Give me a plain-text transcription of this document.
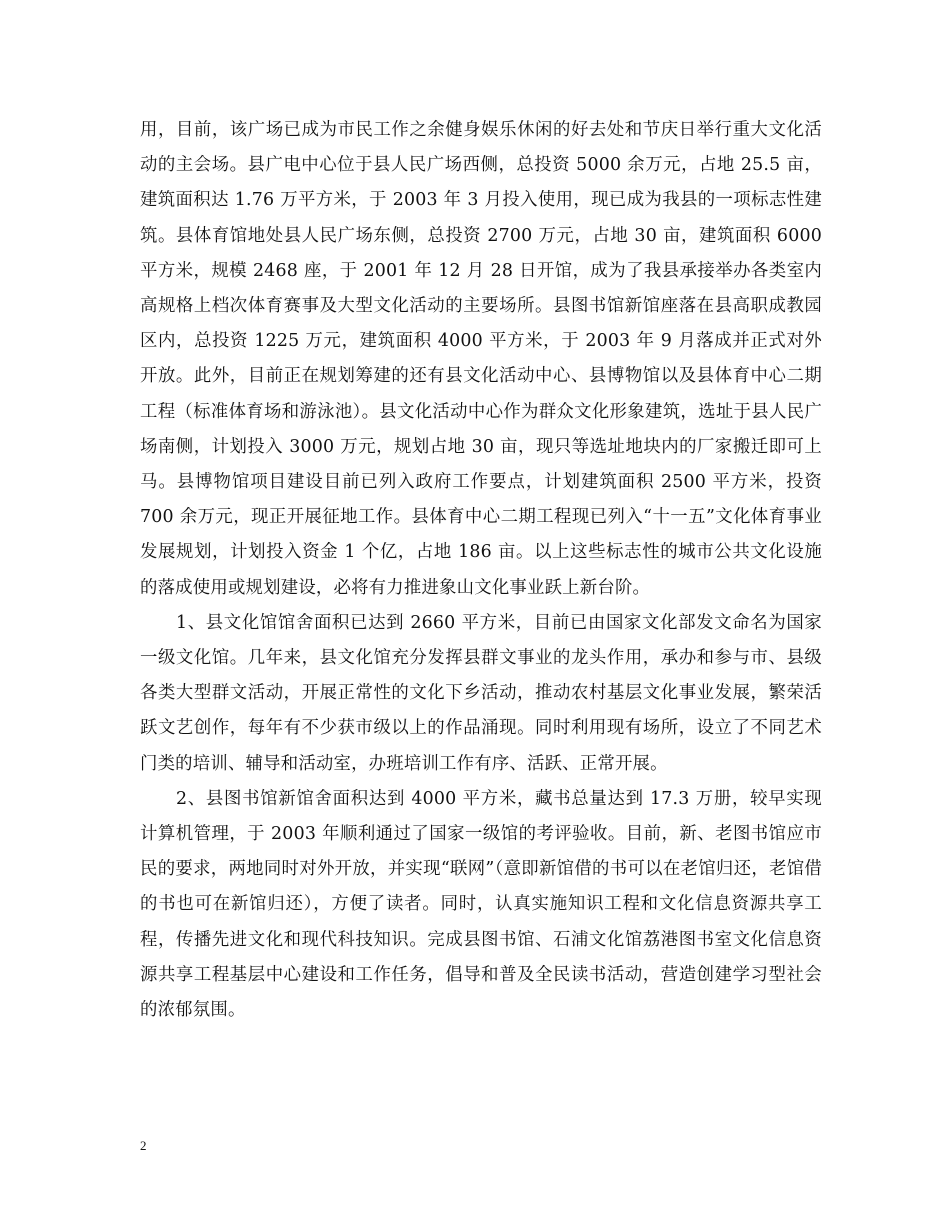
用，目前，该广场已成为市民工作之余健身娱乐休闲的好去处和节庆日举行重大文化活动的主会场。县广电中心位于县人民广场西侧，总投资 5000 余万元，占地 25.5 亩，建筑面积达 1.76 万平方米，于 2003 年 3 月投入使用，现已成为我县的一项标志性建筑。县体育馆地处县人民广场东侧，总投资 2700 万元，占地 30 亩，建筑面积 6000 平方米，规模 2468 座，于 2001 年 12 月 28 日开馆，成为了我县承接举办各类室内高规格上档次体育赛事及大型文化活动的主要场所。县图书馆新馆座落在县高职成教园区内，总投资 1225 万元，建筑面积 4000 平方米，于 2003 年 9 月落成并正式对外开放。此外，目前正在规划筹建的还有县文化活动中心、县博物馆以及县体育中心二期工程（标准体育场和游泳池）。县文化活动中心作为群众文化形象建筑，选址于县人民广场南侧，计划投入 3000 万元，规划占地 30 亩，现只等选址地块内的厂家搬迁即可上马。县博物馆项目建设目前已列入政府工作要点，计划建筑面积 2500 平方米，投资 700 余万元，现正开展征地工作。县体育中心二期工程现已列入“十一五”文化体育事业发展规划，计划投入资金 1 个亿，占地 186 亩。以上这些标志性的城市公共文化设施的落成使用或规划建设，必将有力推进象山文化事业跃上新台阶。

1、县文化馆馆舍面积已达到 2660 平方米，目前已由国家文化部发文命名为国家一级文化馆。几年来，县文化馆充分发挥县群文事业的龙头作用，承办和参与市、县级各类大型群文活动，开展正常性的文化下乡活动，推动农村基层文化事业发展，繁荣活跃文艺创作，每年有不少获市级以上的作品涌现。同时利用现有场所，设立了不同艺术门类的培训、辅导和活动室，办班培训工作有序、活跃、正常开展。

2、县图书馆新馆舍面积达到 4000 平方米，藏书总量达到 17.3 万册，较早实现计算机管理，于 2003 年顺利通过了国家一级馆的考评验收。目前，新、老图书馆应市民的要求，两地同时对外开放，并实现“联网”（意即新馆借的书可以在老馆归还，老馆借的书也可在新馆归还），方便了读者。同时，认真实施知识工程和文化信息资源共享工程，传播先进文化和现代科技知识。完成县图书馆、石浦文化馆荔港图书室文化信息资源共享工程基层中心建设和工作任务，倡导和普及全民读书活动，营造创建学习型社会的浓郁氛围。

2
